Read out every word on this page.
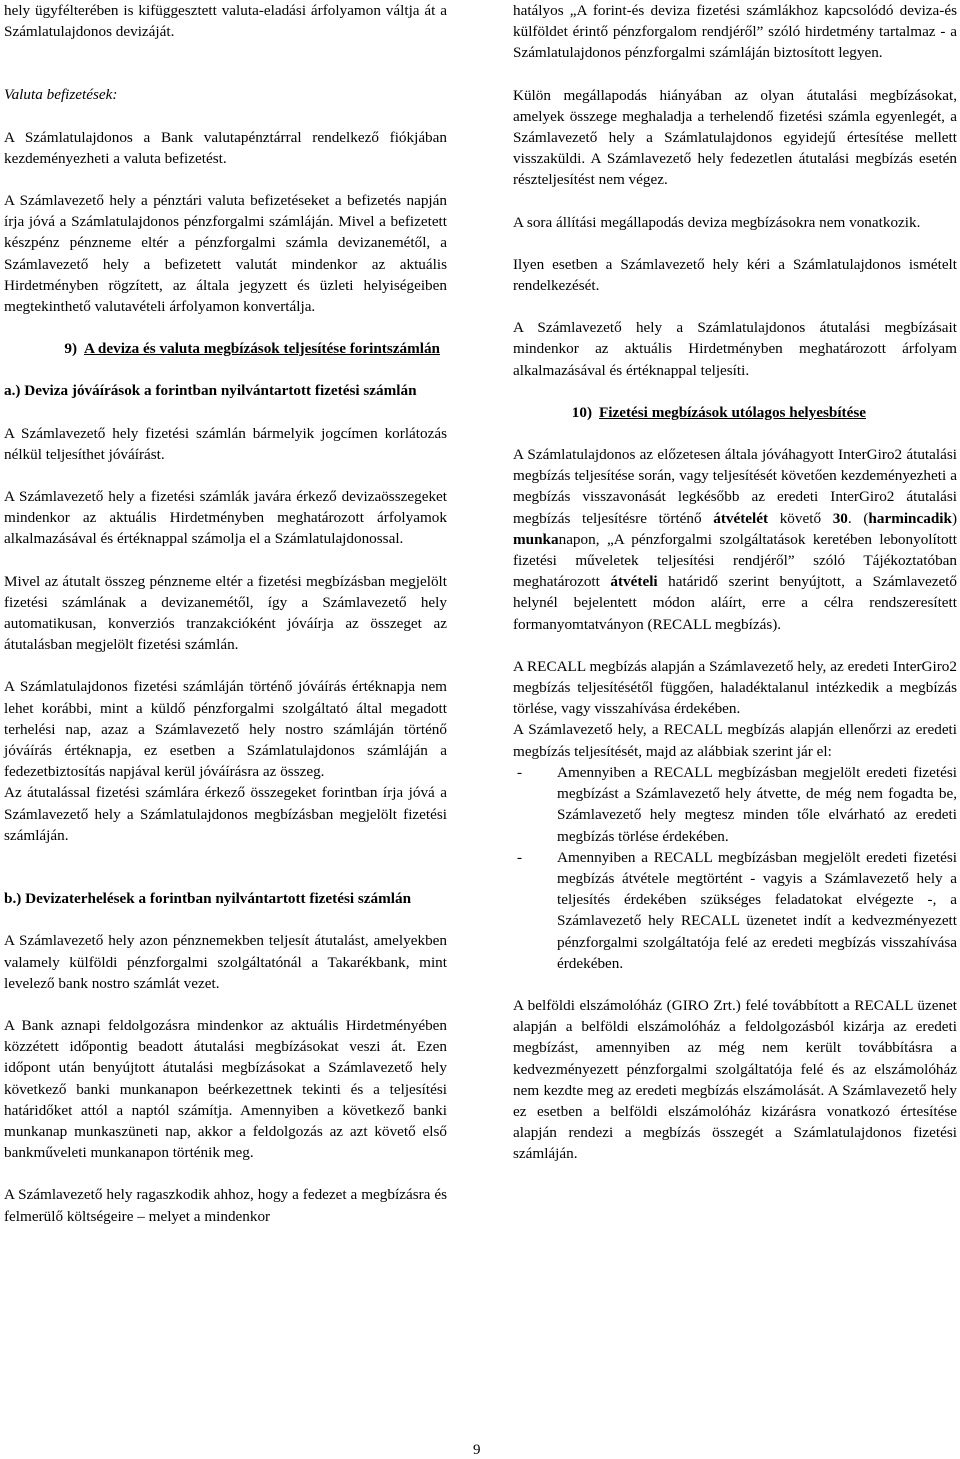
hely ügyfélterében is kifüggesztett valuta-eladási árfolyamon váltja át a Számlatulajdonos devizáját.

Valuta befizetések:

A Számlatulajdonos a Bank valutapénztárral rendelkező fiókjában kezdeményezheti a valuta befizetést.

A Számlavezető hely a pénztári valuta befizetéseket a befizetés napján írja jóvá a Számlatulajdonos pénzforgalmi számláján. Mivel a befizetett készpénz pénzneme eltér a pénzforgalmi számla devizanemétől, a Számlavezető hely a befizetett valutát mindenkor az aktuális Hirdetményben rögzített, az általa jegyzett és üzleti helyiségeiben megtekinthető valutavételi árfolyamon konvertálja.

9) A deviza és valuta megbízások teljesítése forintszámlán

a.) Deviza jóváírások a forintban nyilvántartott fizetési számlán

A Számlavezető hely fizetési számlán bármelyik jogcímen korlátozás nélkül teljesíthet jóváírást.

A Számlavezető hely a fizetési számlák javára érkező devizaösszegeket mindenkor az aktuális Hirdetményben meghatározott árfolyamok alkalmazásával és értéknappal számolja el a Számlatulajdonossal.

Mivel az átutalt összeg pénzneme eltér a fizetési megbízásban megjelölt fizetési számlának a devizanemétől, így a Számlavezető hely automatikusan, konverziós tranzakcióként jóváírja az összeget az átutalásban megjelölt fizetési számlán.

A Számlatulajdonos fizetési számláján történő jóváírás értéknapja nem lehet korábbi, mint a küldő pénzforgalmi szolgáltató által megadott terhelési nap, azaz a Számlavezető hely nostro számláján történő jóváírás értéknapja, ez esetben a Számlatulajdonos számláján a fedezetbiztosítás napjával kerül jóváírásra az összeg.

Az átutalással fizetési számlára érkező összegeket forintban írja jóvá a Számlavezető hely a Számlatulajdonos megbízásban megjelölt fizetési számláján.

b.) Devizaterhelések a forintban nyilvántartott fizetési számlán

A Számlavezető hely azon pénznemekben teljesít átutalást, amelyekben valamely külföldi pénzforgalmi szolgáltatónál a Takarékbank, mint levelező bank nostro számlát vezet.

A Bank aznapi feldolgozásra mindenkor az aktuális Hirdetményében közzétett időpontig beadott átutalási megbízásokat veszi át. Ezen időpont után benyújtott átutalási megbízásokat a Számlavezető hely következő banki munkanapon beérkezettnek tekinti és a teljesítési határidőket attól a naptól számítja. Amennyiben a következő banki munkanap munkaszüneti nap, akkor a feldolgozás az azt követő első bankműveleti munkanapon történik meg.

A Számlavezető hely ragaszkodik ahhoz, hogy a fedezet a megbízásra és felmerülő költségeire – melyet a mindenkor

hatályos „A forint-és deviza fizetési számlákhoz kapcsolódó deviza-és külföldet érintő pénzforgalom rendjéről” szóló hirdetmény tartalmaz - a Számlatulajdonos pénzforgalmi számláján biztosított legyen.

Külön megállapodás hiányában az olyan átutalási megbízásokat, amelyek összege meghaladja a terhelendő fizetési számla egyenlegét, a Számlavezető hely a Számlatulajdonos egyidejű értesítése mellett visszaküldi. A Számlavezető hely fedezetlen átutalási megbízás esetén részteljesítést nem végez.

A sora állítási megállapodás deviza megbízásokra nem vonatkozik.

Ilyen esetben a Számlavezető hely kéri a Számlatulajdonos ismételt rendelkezését.

A Számlavezető hely a Számlatulajdonos átutalási megbízásait mindenkor az aktuális Hirdetményben meghatározott árfolyam alkalmazásával és értéknappal teljesíti.

10) Fizetési megbízások utólagos helyesbítése

A Számlatulajdonos az előzetesen általa jóváhagyott InterGiro2 átutalási megbízás teljesítése során, vagy teljesítését követően kezdeményezheti a megbízás visszavonását legkésőbb az eredeti InterGiro2 átutalási megbízás teljesítésre történő átvételét követő 30. (harmincadik) munkanapon, „A pénzforgalmi szolgáltatások keretében lebonyolított fizetési műveletek teljesítési rendjéről” szóló Tájékoztatóban meghatározott átvételi határidő szerint benyújtott, a Számlavezető helynél bejelentett módon aláírt, erre a célra rendszeresített formanyomtatványon (RECALL megbízás).

A RECALL megbízás alapján a Számlavezető hely, az eredeti InterGiro2 megbízás teljesítésétől függően, haladéktalanul intézkedik a megbízás törlése, vagy visszahívása érdekében.

A Számlavezető hely, a RECALL megbízás alapján ellenőrzi az eredeti megbízás teljesítését, majd az alábbiak szerint jár el:

-	Amennyiben a RECALL megbízásban megjelölt eredeti fizetési megbízást a Számlavezető hely átvette, de még nem fogadta be, Számlavezető hely megtesz minden tőle elvárható az eredeti megbízás törlése érdekében.
-	Amennyiben a RECALL megbízásban megjelölt eredeti fizetési megbízás átvétele megtörtént - vagyis a Számlavezető hely a teljesítés érdekében szükséges feladatokat elvégezte -, a Számlavezető hely RECALL üzenetet indít a kedvezményezett pénzforgalmi szolgáltatója felé az eredeti megbízás visszahívása érdekében.

A belföldi elszámolóház (GIRO Zrt.) felé továbbított a RECALL üzenet alapján a belföldi elszámolóház a feldolgozásból kizárja az eredeti megbízást, amennyiben az még nem került továbbításra a kedvezményezett pénzforgalmi szolgáltatója felé és az elszámolóház nem kezdte meg az eredeti megbízás elszámolását. A Számlavezető hely ez esetben a belföldi elszámolóház kizárásra vonatkozó értesítése alapján rendezi a megbízás összegét a Számlatulajdonos fizetési számláján.

9
